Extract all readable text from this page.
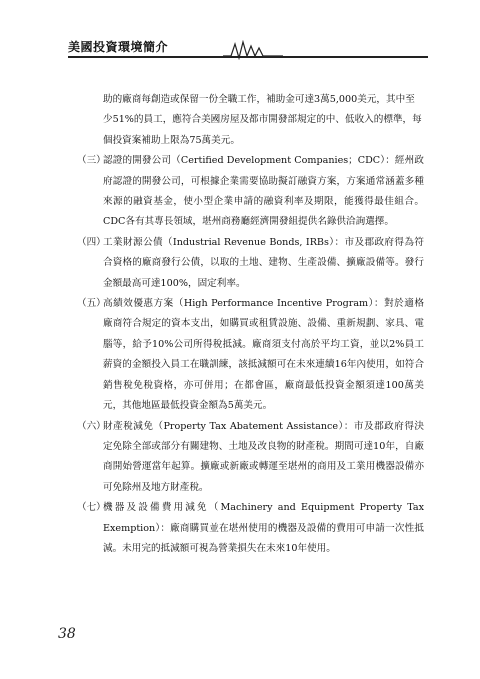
美國投資環境簡介

助的廠商每創造或保留一份全職工作，補助金可達3萬5,000美元，其中至少51%的員工，應符合美國房屋及都市開發部規定的中、低收入的標準，每個投資案補助上限為75萬美元。

（三）
認證的開發公司（Certified Development Companies；CDC）：經州政府認證的開發公司，可根據企業需要協助擬訂融資方案，方案通常涵蓋多種來源的融資基金，使小型企業申請的融資利率及期限，能獲得最佳組合。CDC各有其專長領域，堪州商務廳經濟開發組提供名錄供洽詢選擇。
（四）
工業財源公債（Industrial Revenue Bonds, IRBs）：市及郡政府得為符合資格的廠商發行公債，以取的土地、建物、生產設備、擴廠設備等。發行金額最高可達100%，固定利率。
（五）
高績效優惠方案（High Performance Incentive Program）：對於適格廠商符合規定的資本支出，如購買或租賃設施、設備、重新規劃、家具、電腦等，給予10%公司所得稅抵減。廠商須支付高於平均工資，並以2%員工薪資的金額投入員工在職訓練，該抵減額可在未來連續16年內使用，如符合銷售稅免稅資格，亦可併用；在都會區，廠商最低投資金額須達100萬美元，其他地區最低投資金額為5萬美元。
（六）
財產稅減免（Property Tax Abatement Assistance）：市及郡政府得決定免除全部或部分有關建物、土地及改良物的財產稅。期間可達10年，自廠商開始營運當年起算。擴廠或新廠或轉運至堪州的商用及工業用機器設備亦可免除州及地方財產稅。
（七）
機器及設備費用減免（Machinery and Equipment Property Tax Exemption）：廠商購買並在堪州使用的機器及設備的費用可申請一次性抵減。未用完的抵減額可視為營業損失在未來10年使用。
38
